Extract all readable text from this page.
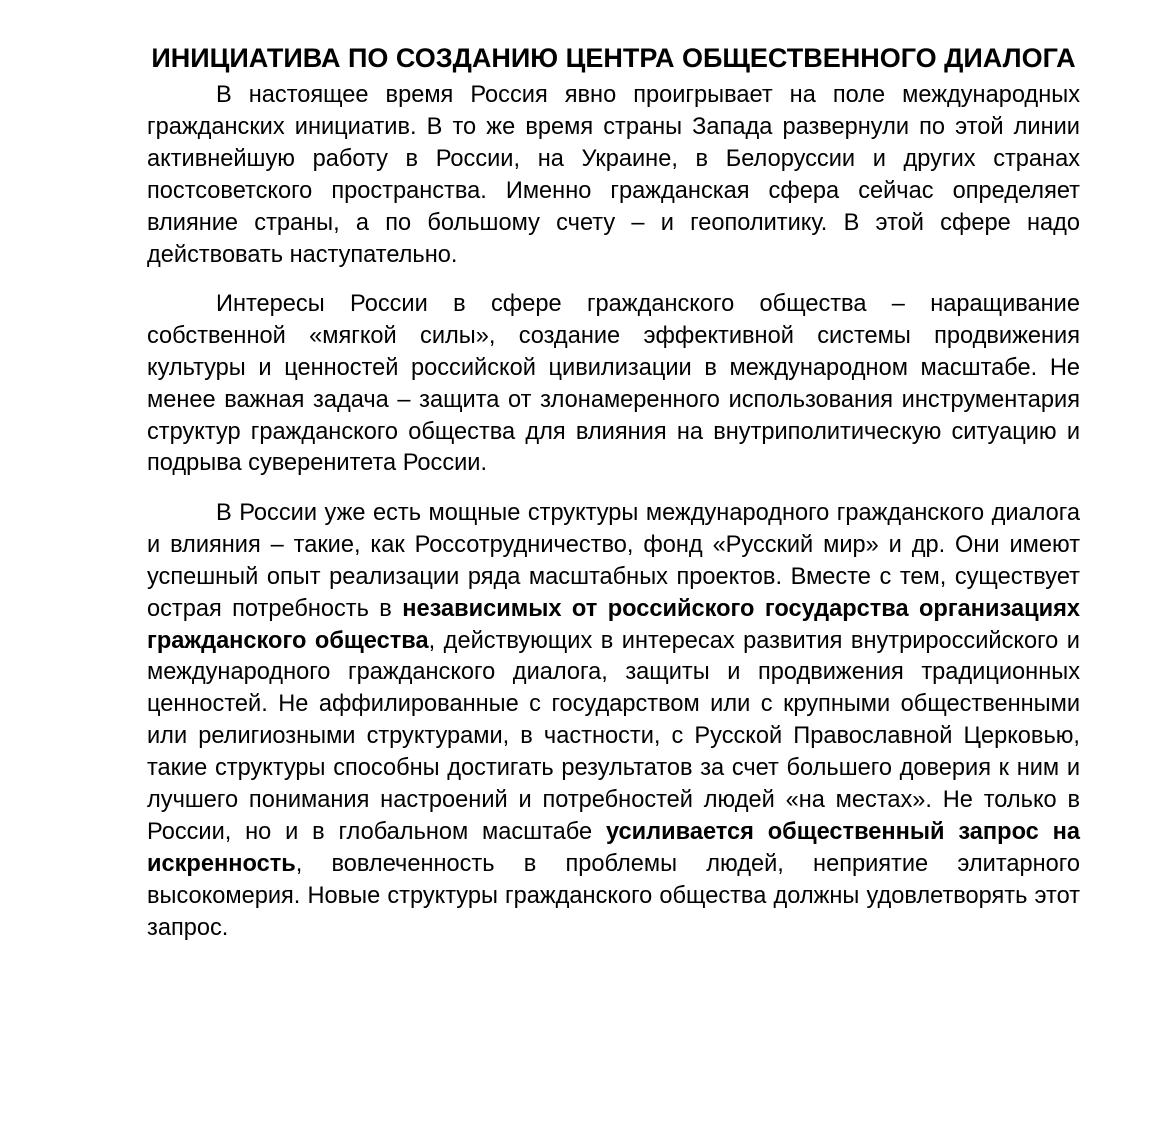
ИНИЦИАТИВА ПО СОЗДАНИЮ ЦЕНТРА ОБЩЕСТВЕННОГО ДИАЛОГА

В настоящее время Россия явно проигрывает на поле международных гражданских инициатив. В то же время страны Запада развернули по этой линии активнейшую работу в России, на Украине, в Белоруссии и других странах постсоветского пространства. Именно гражданская сфера сейчас определяет влияние страны, а по большому счету – и геополитику. В этой сфере надо действовать наступательно.

Интересы России в сфере гражданского общества – наращивание собственной «мягкой силы», создание эффективной системы продвижения культуры и ценностей российской цивилизации в международном масштабе. Не менее важная задача – защита от злонамеренного использования инструментария структур гражданского общества для влияния на внутриполитическую ситуацию и подрыва суверенитета России.

В России уже есть мощные структуры международного гражданского диалога и влияния – такие, как Россотрудничество, фонд «Русский мир» и др. Они имеют успешный опыт реализации ряда масштабных проектов. Вместе с тем, существует острая потребность в независимых от российского государства организациях гражданского общества, действующих в интересах развития внутрироссийского и международного гражданского диалога, защиты и продвижения традиционных ценностей. Не аффилированные с государством или с крупными общественными или религиозными структурами, в частности, с Русской Православной Церковью, такие структуры способны достигать результатов за счет большего доверия к ним и лучшего понимания настроений и потребностей людей «на местах». Не только в России, но и в глобальном масштабе усиливается общественный запрос на искренность, вовлеченность в проблемы людей, неприятие элитарного высокомерия. Новые структуры гражданского общества должны удовлетворять этот запрос.
